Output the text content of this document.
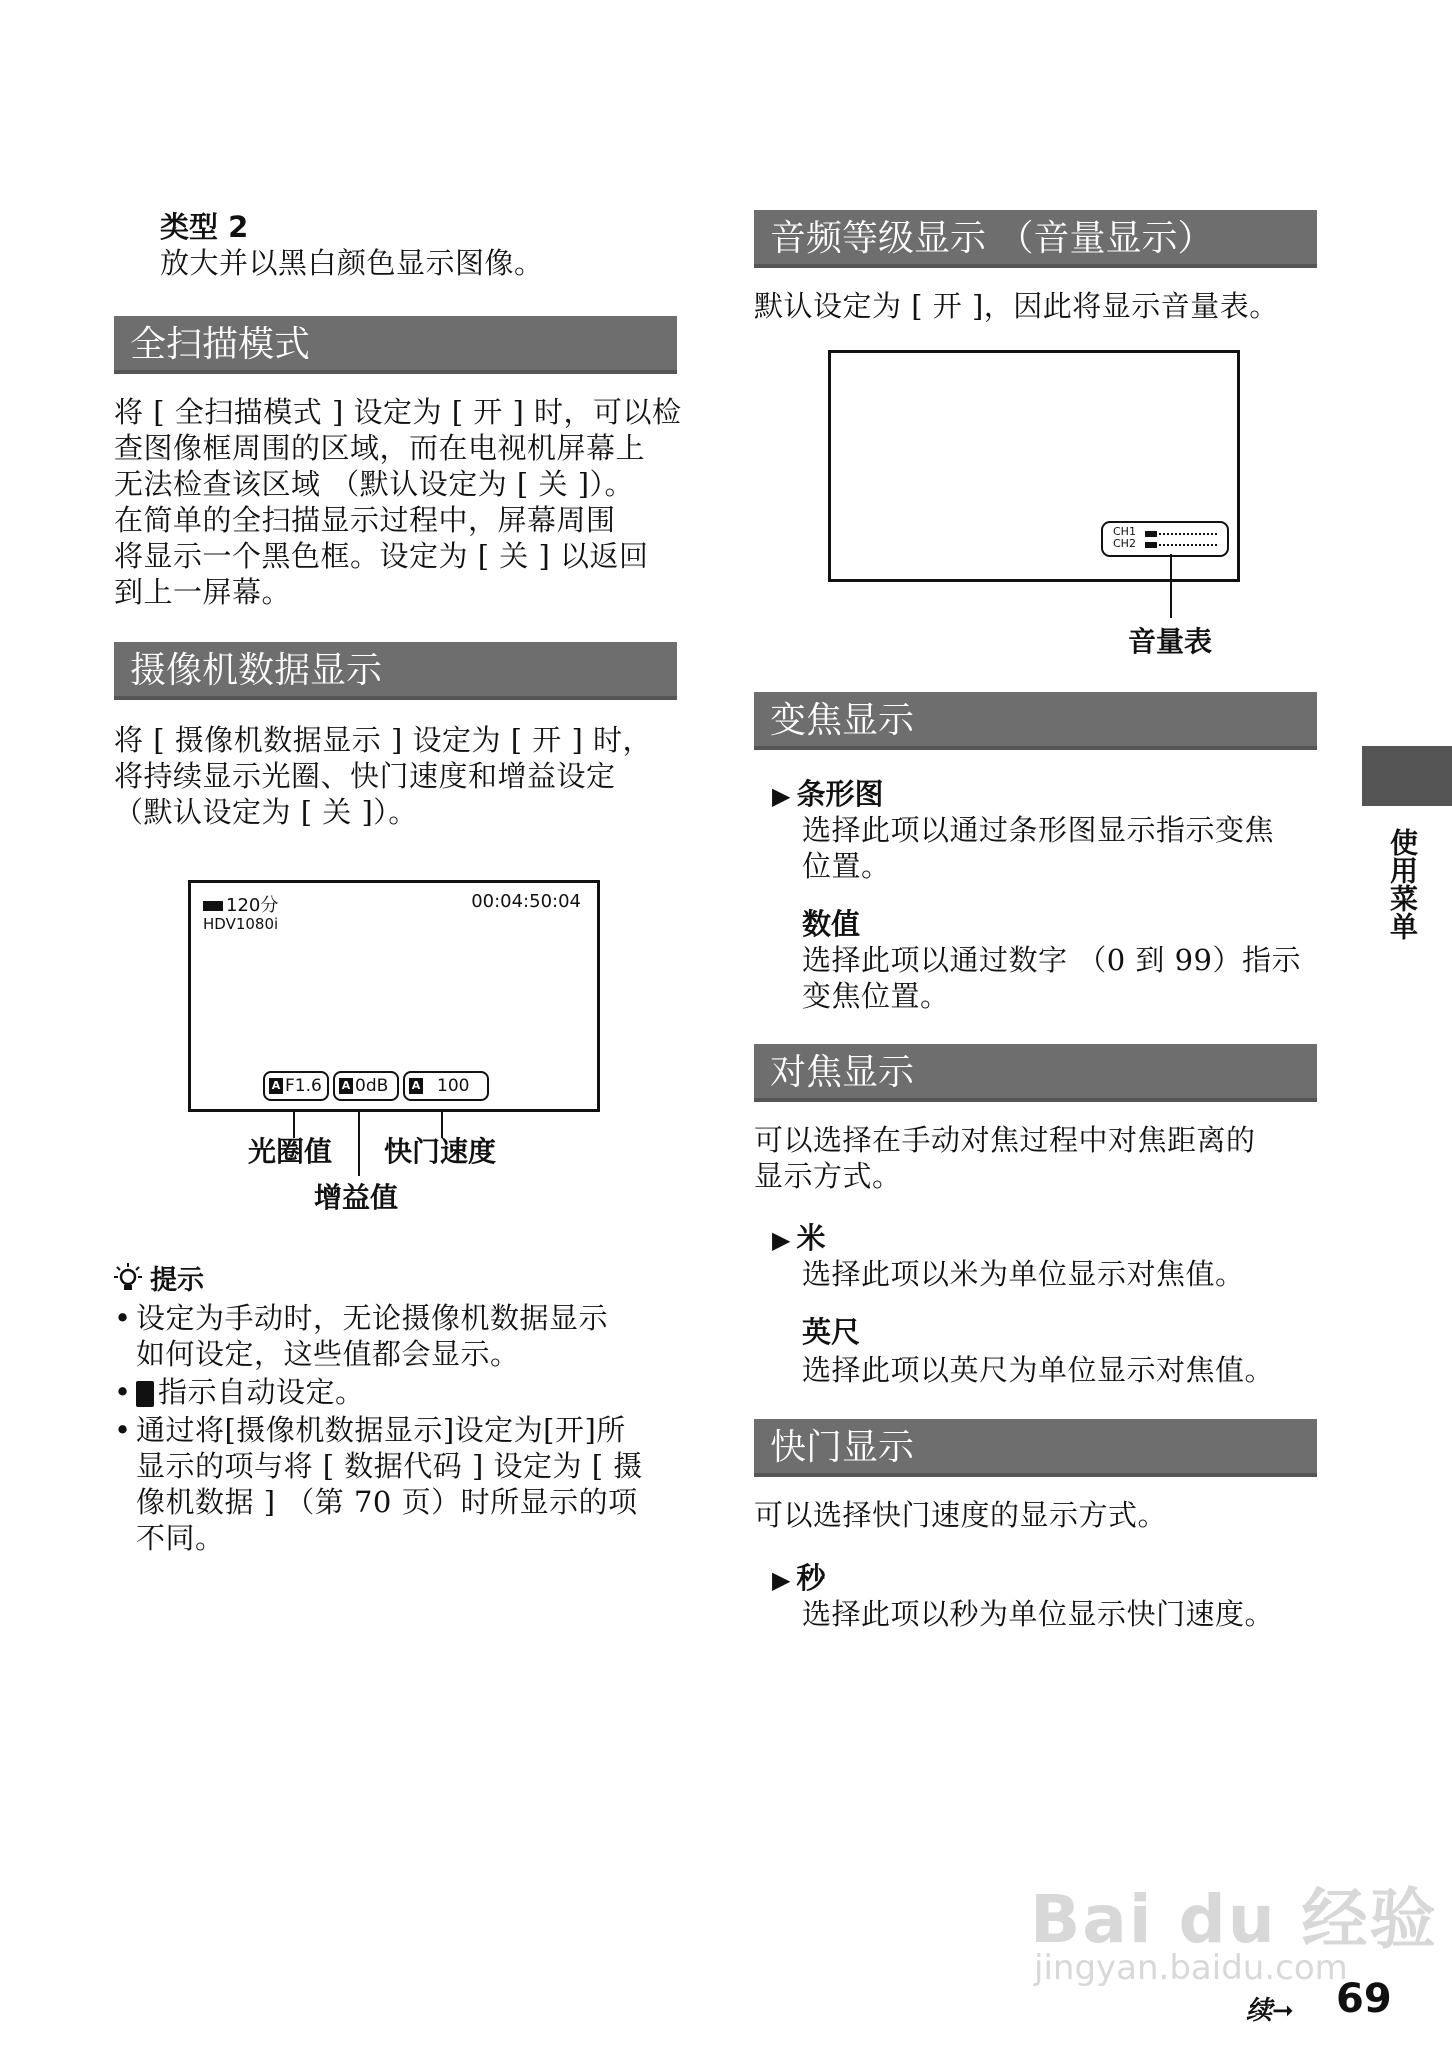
类型 2
放大并以黑白颜色显示图像。
全扫描模式
将 [ 全扫描模式 ] 设定为 [ 开 ] 时，可以检
查图像框周围的区域，而在电视机屏幕上
无法检查该区域 （默认设定为 [ 关 ]）。
在简单的全扫描显示过程中，屏幕周围
将显示一个黑色框。设定为 [ 关 ] 以返回
到上一屏幕。
摄像机数据显示
将 [ 摄像机数据显示 ] 设定为 [ 开 ] 时，
将持续显示光圈、快门速度和增益设定
（默认设定为 [ 关 ]）。
120分	00:04:50:04
HDV1080i
A F1.6	A 0dB	A 100
光圈值 快门速度
增益值
提示
• 设定为手动时，无论摄像机数据显示
如何设定，这些值都会显示。
• 指示自动设定。
• 通过将[摄像机数据显示]设定为[开]所
显示的项与将 [ 数据代码 ] 设定为 [ 摄
像机数据 ] （第 70 页）时所显示的项
不同。
音频等级显示 （音量显示）
默认设定为 [ 开 ]，因此将显示音量表。
CH1
CH2
音量表
变焦显示
▶ 条形图
选择此项以通过条形图显示指示变焦
位置。
数值
选择此项以通过数字 （0 到 99）指示
变焦位置。
对焦显示
可以选择在手动对焦过程中对焦距离的
显示方式。
▶ 米
选择此项以米为单位显示对焦值。
英尺
选择此项以英尺为单位显示对焦值。
快门显示
可以选择快门速度的显示方式。
▶ 秒
选择此项以秒为单位显示快门速度。
使用菜单
Bai du 经验
jingyan.baidu.com
续➞ 69
